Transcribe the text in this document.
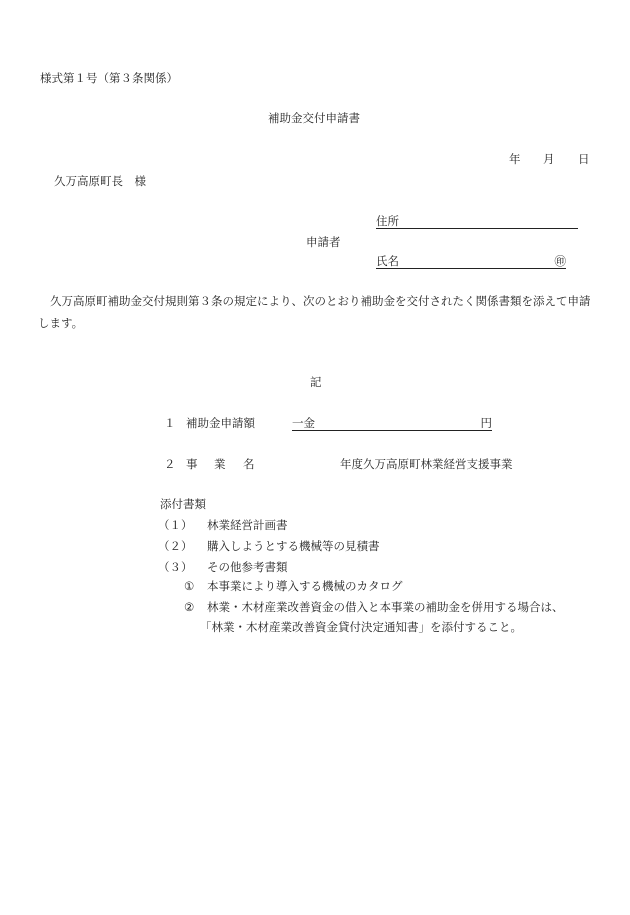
様式第１号（第３条関係）
補助金交付申請書
年 月 日
久万高原町長　様
住所
申請者
氏名	㊞
久万高原町補助金交付規則第３条の規定により、次のとおり補助金を交付されたく関係書類を添えて申請します。
記
１ 補助金申請額	一金	円
２ 事 業 名	年度久万高原町林業経営支援事業
添付書類
（１） 林業経営計画書
（２） 購入しようとする機械等の見積書
（３） その他参考書類
① 本事業により導入する機械のカタログ
② 林業・木材産業改善資金の借入と本事業の補助金を併用する場合は、
「林業・木材産業改善資金貸付決定通知書」を添付すること。
